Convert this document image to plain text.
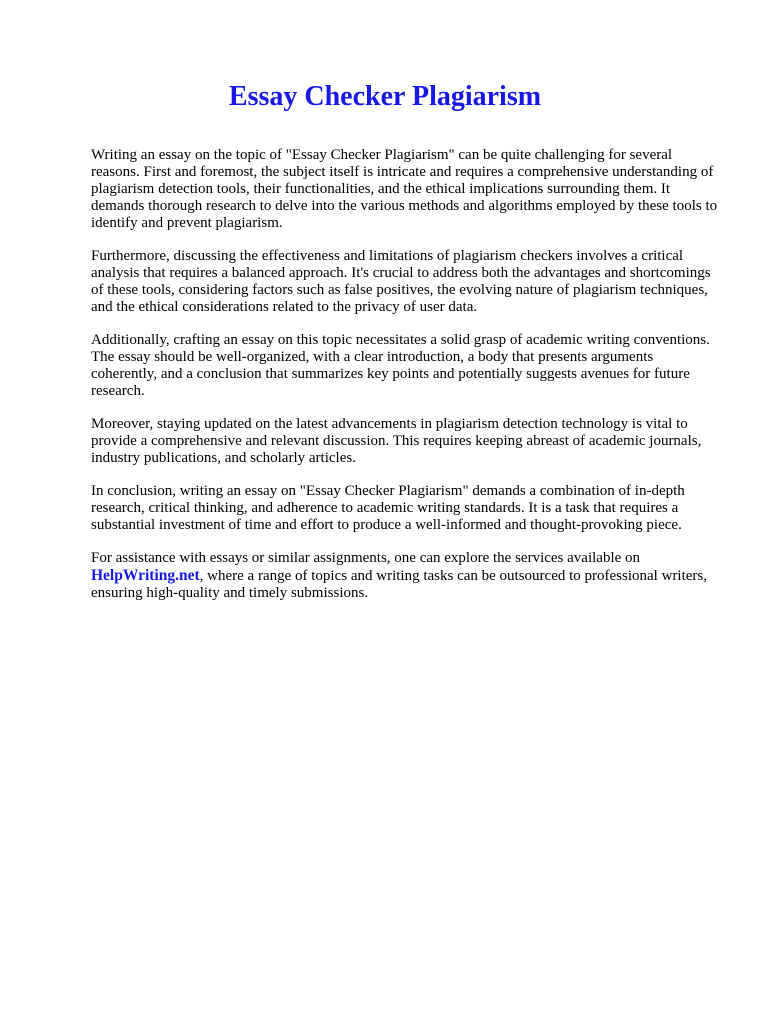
Essay Checker Plagiarism

Writing an essay on the topic of "Essay Checker Plagiarism" can be quite challenging for several reasons. First and foremost, the subject itself is intricate and requires a comprehensive understanding of plagiarism detection tools, their functionalities, and the ethical implications surrounding them. It demands thorough research to delve into the various methods and algorithms employed by these tools to identify and prevent plagiarism.

Furthermore, discussing the effectiveness and limitations of plagiarism checkers involves a critical analysis that requires a balanced approach. It's crucial to address both the advantages and shortcomings of these tools, considering factors such as false positives, the evolving nature of plagiarism techniques, and the ethical considerations related to the privacy of user data.

Additionally, crafting an essay on this topic necessitates a solid grasp of academic writing conventions. The essay should be well-organized, with a clear introduction, a body that presents arguments coherently, and a conclusion that summarizes key points and potentially suggests avenues for future research.

Moreover, staying updated on the latest advancements in plagiarism detection technology is vital to provide a comprehensive and relevant discussion. This requires keeping abreast of academic journals, industry publications, and scholarly articles.

In conclusion, writing an essay on "Essay Checker Plagiarism" demands a combination of in-depth research, critical thinking, and adherence to academic writing standards. It is a task that requires a substantial investment of time and effort to produce a well-informed and thought-provoking piece.

For assistance with essays or similar assignments, one can explore the services available on HelpWriting.net, where a range of topics and writing tasks can be outsourced to professional writers, ensuring high-quality and timely submissions.
